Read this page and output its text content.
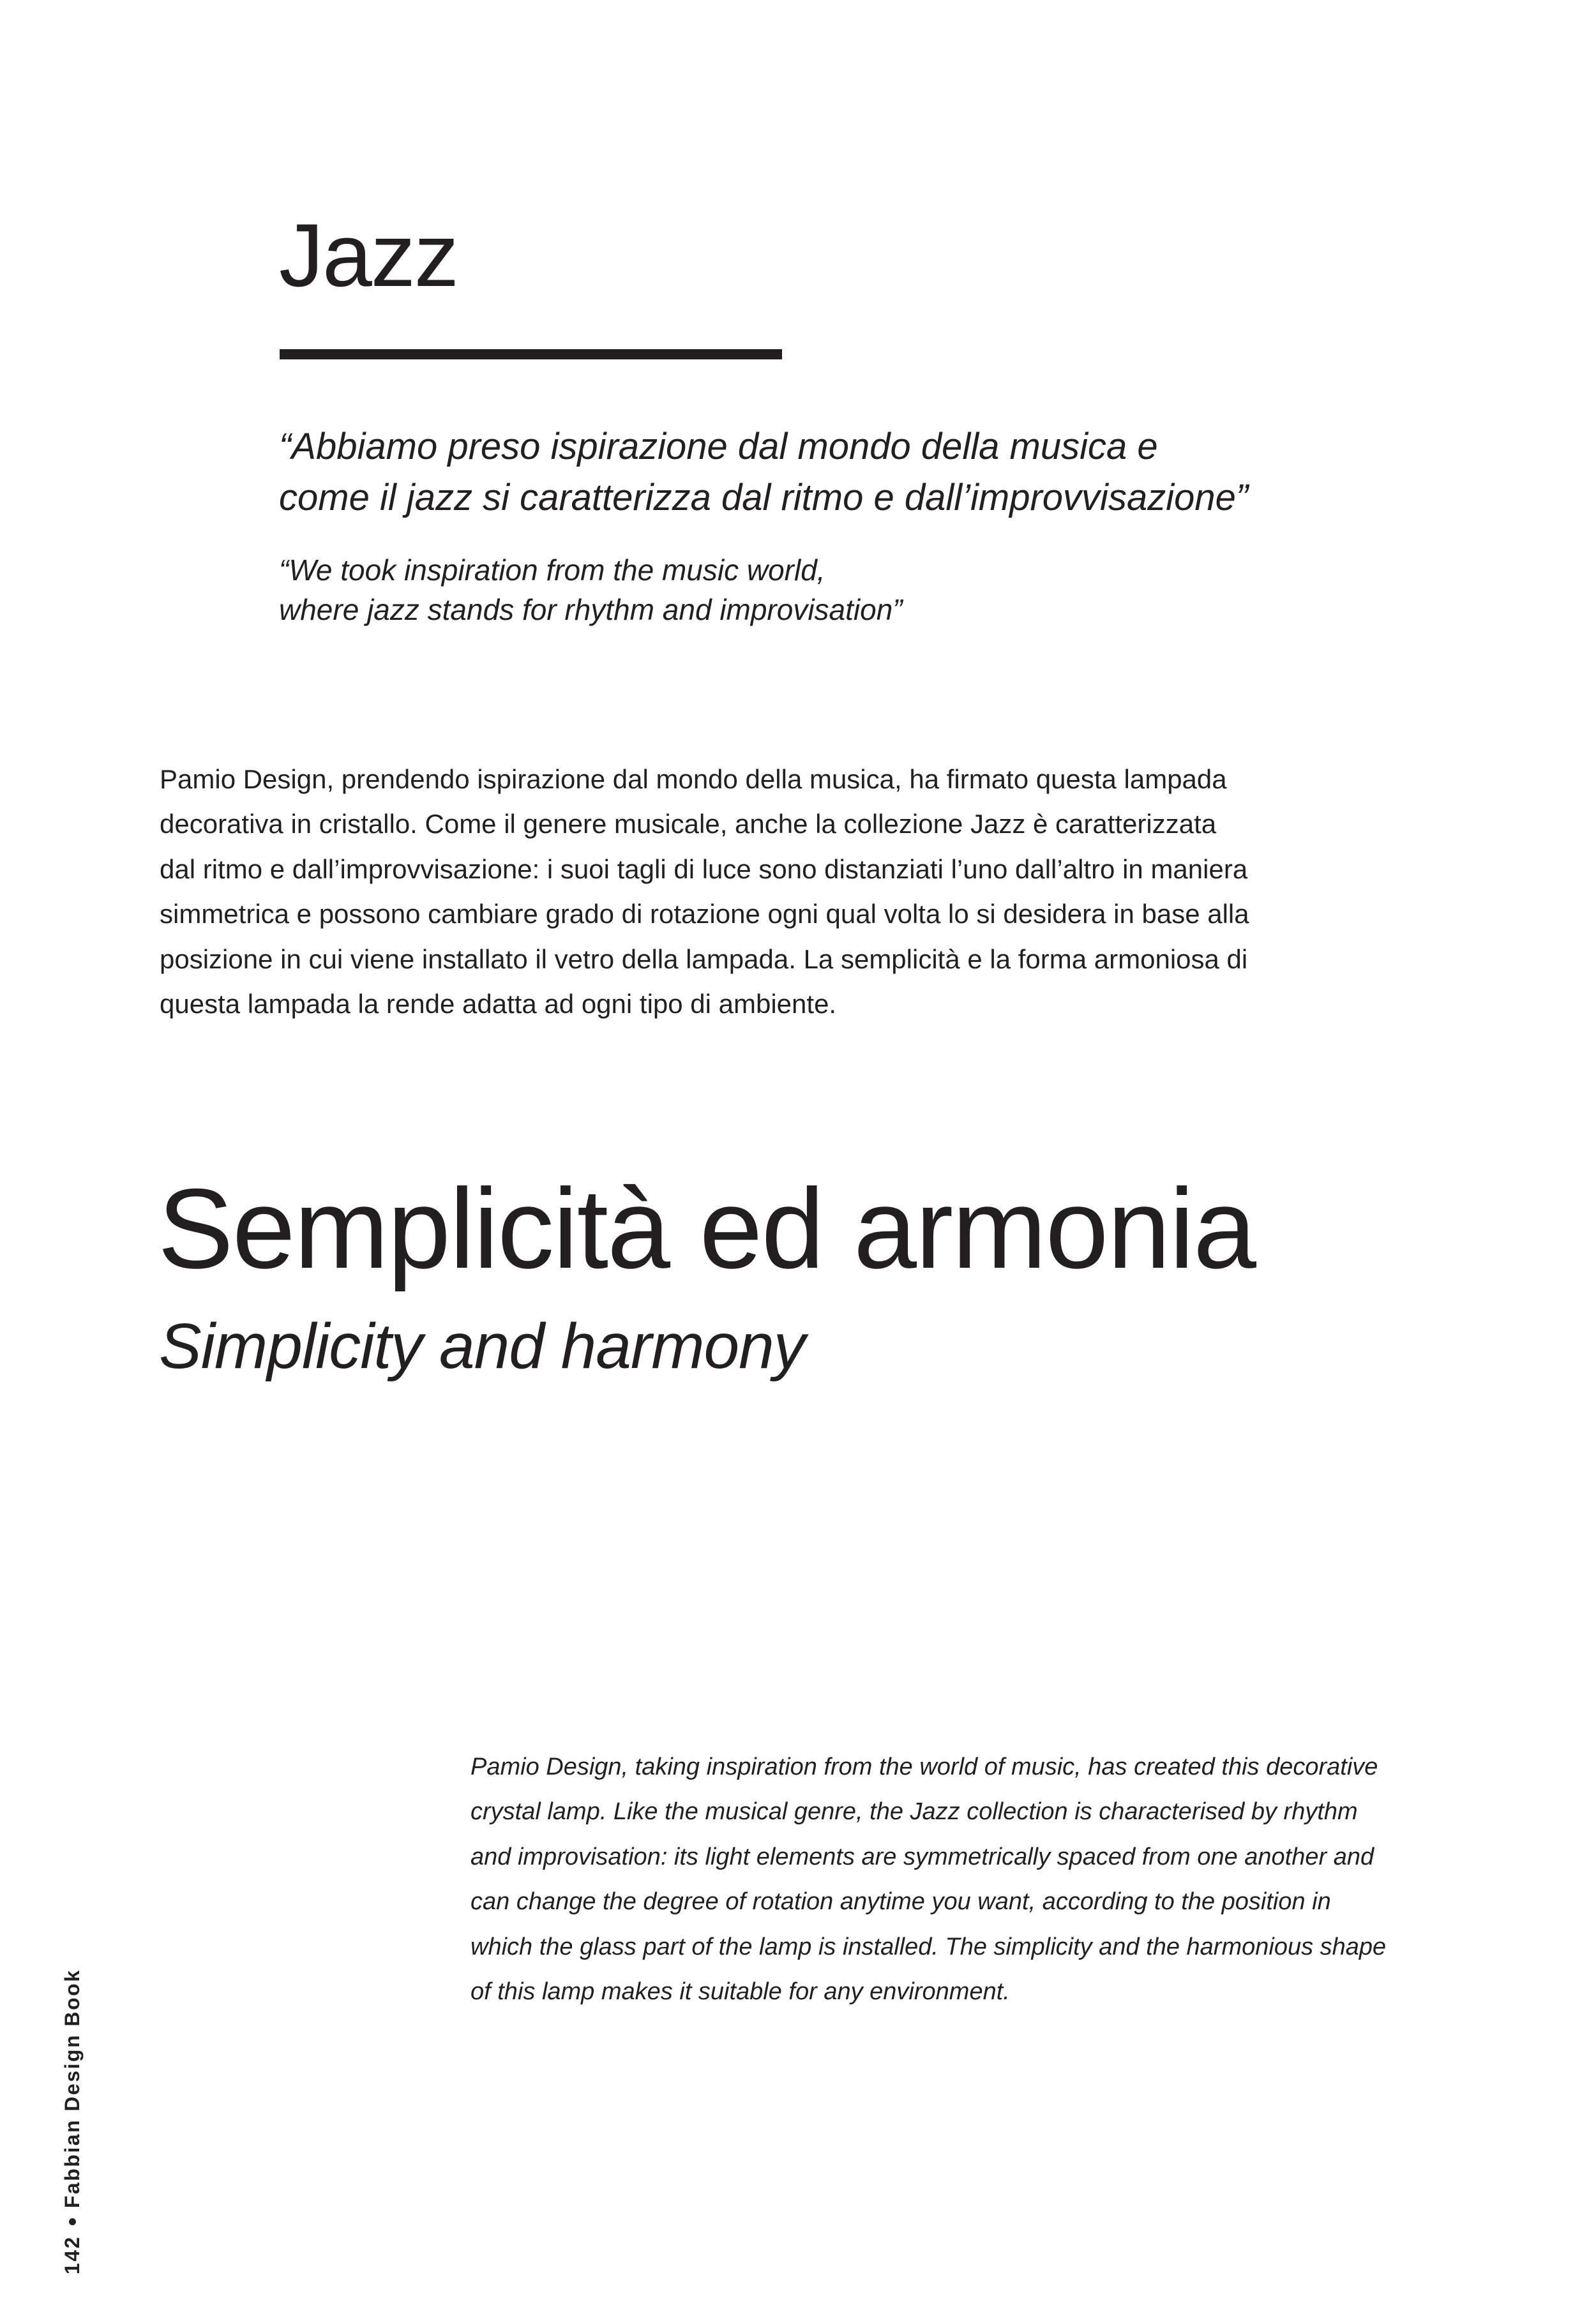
Jazz
“Abbiamo preso ispirazione dal mondo della musica e
come il jazz si caratterizza dal ritmo e dall’improvvisazione”
“We took inspiration from the music world,
where jazz stands for rhythm and improvisation”
Pamio Design, prendendo ispirazione dal mondo della musica, ha firmato questa lampada
decorativa in cristallo. Come il genere musicale, anche la collezione Jazz è caratterizzata
dal ritmo e dall’improvvisazione: i suoi tagli di luce sono distanziati l’uno dall’altro in maniera
simmetrica e possono cambiare grado di rotazione ogni qual volta lo si desidera in base alla
posizione in cui viene installato il vetro della lampada. La semplicità e la forma armoniosa di
questa lampada la rende adatta ad ogni tipo di ambiente.
Semplicità ed armonia
Simplicity and harmony
Pamio Design, taking inspiration from the world of music, has created this decorative
crystal lamp. Like the musical genre, the Jazz collection is characterised by rhythm
and improvisation: its light elements are symmetrically spaced from one another and
can change the degree of rotation anytime you want, according to the position in
which the glass part of the lamp is installed. The simplicity and the harmonious shape
of this lamp makes it suitable for any environment.
142
Fabbian Design Book
